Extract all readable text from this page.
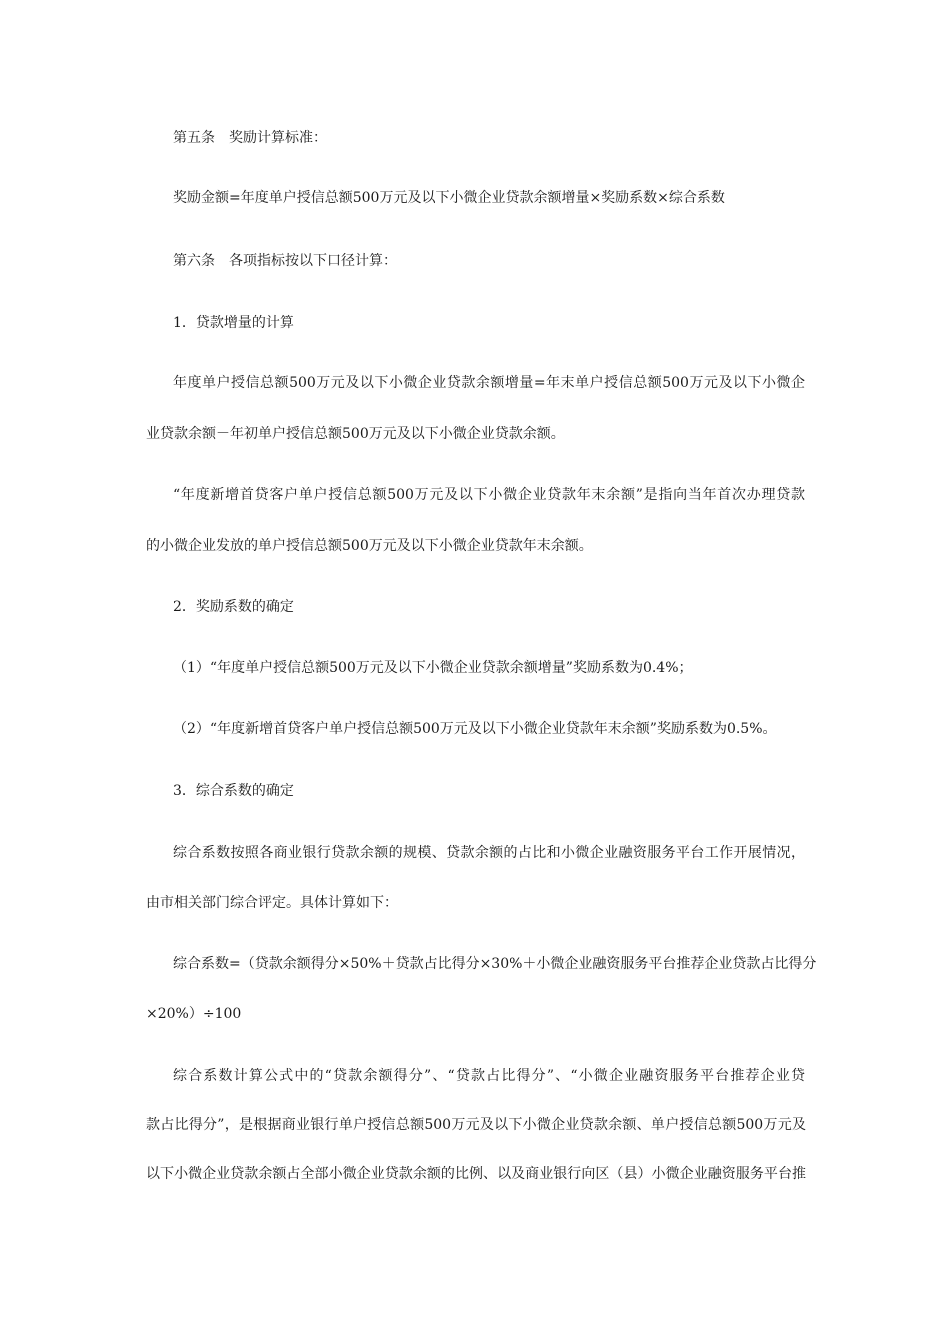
第五条　奖励计算标准：
奖励金额=年度单户授信总额500万元及以下小微企业贷款余额增量×奖励系数×综合系数
第六条　各项指标按以下口径计算：
1．贷款增量的计算
年度单户授信总额500万元及以下小微企业贷款余额增量=年末单户授信总额500万元及以下小微企
业贷款余额－年初单户授信总额500万元及以下小微企业贷款余额。
“年度新增首贷客户单户授信总额500万元及以下小微企业贷款年末余额”是指向当年首次办理贷款
的小微企业发放的单户授信总额500万元及以下小微企业贷款年末余额。
2．奖励系数的确定
（1）“年度单户授信总额500万元及以下小微企业贷款余额增量”奖励系数为0.4%；
（2）“年度新增首贷客户单户授信总额500万元及以下小微企业贷款年末余额”奖励系数为0.5%。
3．综合系数的确定
综合系数按照各商业银行贷款余额的规模、贷款余额的占比和小微企业融资服务平台工作开展情况，
由市相关部门综合评定。具体计算如下：
综合系数=（贷款余额得分×50%＋贷款占比得分×30%＋小微企业融资服务平台推荐企业贷款占比得分
×20%）÷100
综合系数计算公式中的“贷款余额得分”、“贷款占比得分”、“小微企业融资服务平台推荐企业贷
款占比得分”，是根据商业银行单户授信总额500万元及以下小微企业贷款余额、单户授信总额500万元及
以下小微企业贷款余额占全部小微企业贷款余额的比例、以及商业银行向区（县）小微企业融资服务平台推
